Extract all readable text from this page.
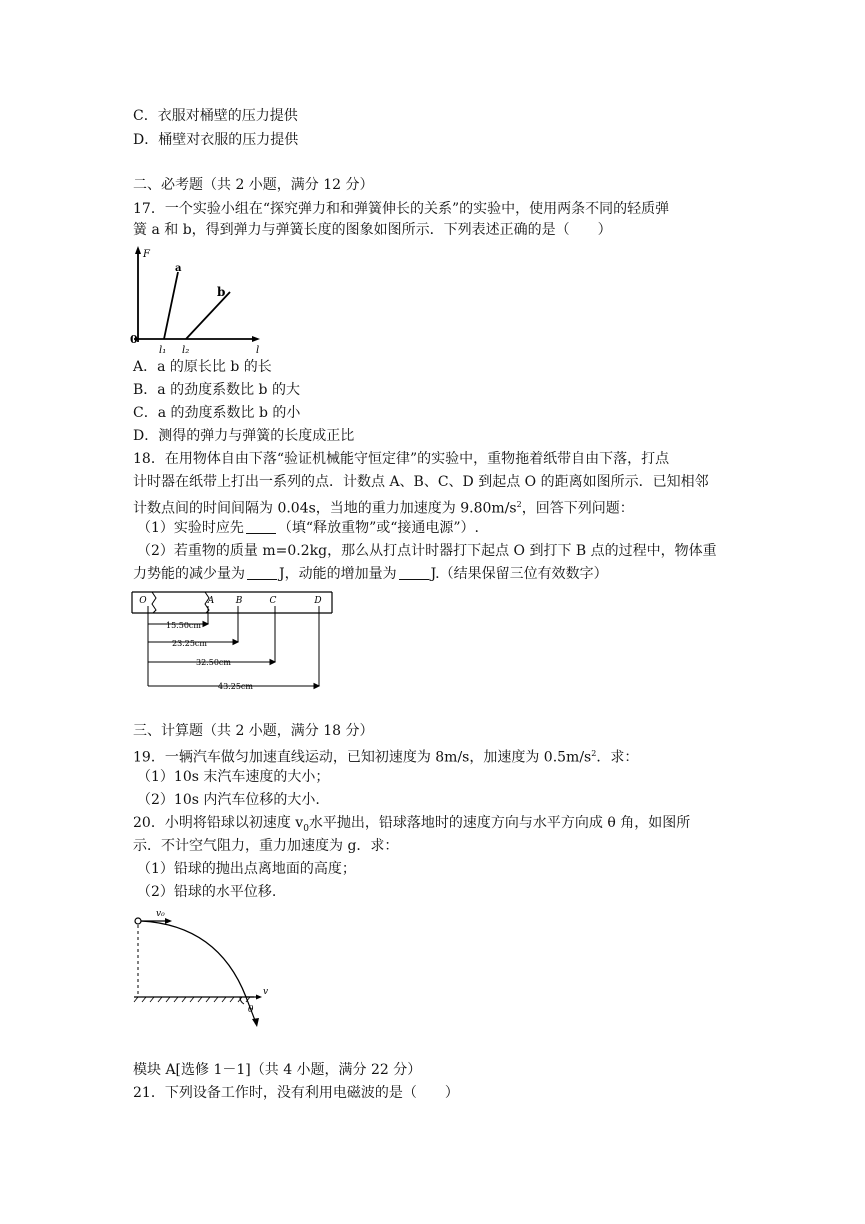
C．衣服对桶壁的压力提供
D．桶壁对衣服的压力提供
二、必考题（共 2 小题，满分 12 分）
17．一个实验小组在“探究弹力和和弹簧伸长的关系”的实验中，使用两条不同的轻质弹
簧 a 和 b，得到弹力与弹簧长度的图象如图所示．下列表述正确的是（　　）
F
0
a
b
l₁ l₂	l
A．a 的原长比 b 的长
B．a 的劲度系数比 b 的大
C．a 的劲度系数比 b 的小
D．测得的弹力与弹簧的长度成正比
18．在用物体自由下落“验证机械能守恒定律”的实验中，重物拖着纸带自由下落，打点
计时器在纸带上打出一系列的点．计数点 A、B、C、D 到起点 O 的距离如图所示．已知相邻
计数点间的时间间隔为 0.04s，当地的重力加速度为 $9.80m/s^2$，回答下列问题：
（1）实验时应先 （填“释放重物”或“接通电源”）.
（2）若重物的质量 m=0.2kg，那么从打点计时器打下起点 O 到打下 B 点的过程中，物体重
力势能的减少量为 J，动能的增加量为 J.（结果保留三位有效数字）
O	A B	C	D
15.50cm
23.25cm
32.50cm
43.25cm
三、计算题（共 2 小题，满分 18 分）
19．一辆汽车做匀加速直线运动，已知初速度为 8m/s，加速度为 $0.5m/s^2$．求：
（1）10s 末汽车速度的大小；
（2）10s 内汽车位移的大小.
20．小明将铅球以初速度 $v_0$水平抛出，铅球落地时的速度方向与水平方向成 θ 角，如图所
示．不计空气阻力，重力加速度为 g．求：
（1）铅球的抛出点离地面的高度；
（2）铅球的水平位移.
v₀
v
θ
模块 A[选修 1－1]（共 4 小题，满分 22 分）
21．下列设备工作时，没有利用电磁波的是（　　）
